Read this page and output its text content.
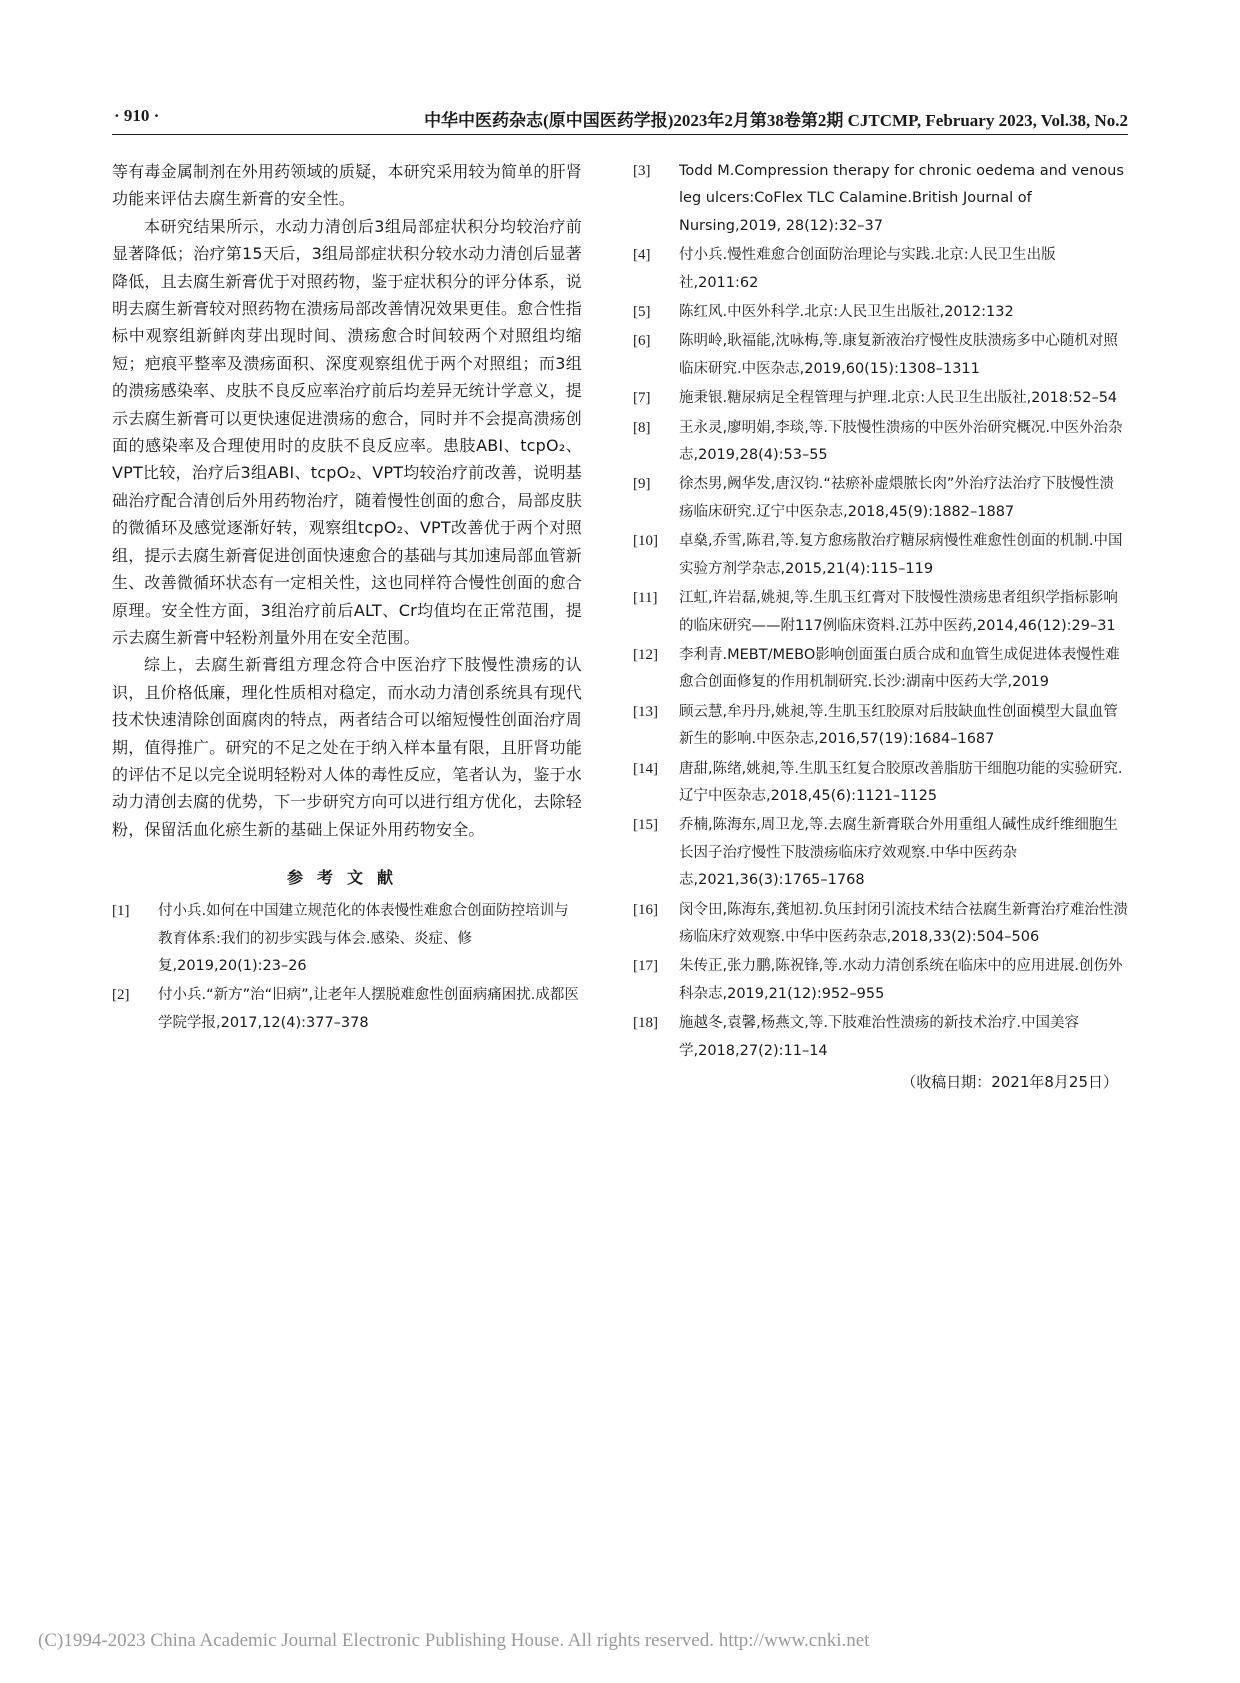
· 910 ·	中华中医药杂志(原中国医药学报)2023年2月第38卷第2期 CJTCMP, February 2023, Vol.38, No.2

等有毒金属制剂在外用药领域的质疑，本研究采用较为简单的肝肾功能来评估去腐生新膏的安全性。

本研究结果所示，水动力清创后3组局部症状积分均较治疗前显著降低；治疗第15天后，3组局部症状积分较水动力清创后显著降低，且去腐生新膏优于对照药物，鉴于症状积分的评分体系，说明去腐生新膏较对照药物在溃疡局部改善情况效果更佳。愈合性指标中观察组新鲜肉芽出现时间、溃疡愈合时间较两个对照组均缩短；疤痕平整率及溃疡面积、深度观察组优于两个对照组；而3组的溃疡感染率、皮肤不良反应率治疗前后均差异无统计学意义，提示去腐生新膏可以更快速促进溃疡的愈合，同时并不会提高溃疡创面的感染率及合理使用时的皮肤不良反应率。患肢ABI、tcpO₂、VPT比较，治疗后3组ABI、tcpO₂、VPT均较治疗前改善，说明基础治疗配合清创后外用药物治疗，随着慢性创面的愈合，局部皮肤的微循环及感觉逐渐好转，观察组tcpO₂、VPT改善优于两个对照组，提示去腐生新膏促进创面快速愈合的基础与其加速局部血管新生、改善微循环状态有一定相关性，这也同样符合慢性创面的愈合原理。安全性方面，3组治疗前后ALT、Cr均值均在正常范围，提示去腐生新膏中轻粉剂量外用在安全范围。

综上，去腐生新膏组方理念符合中医治疗下肢慢性溃疡的认识，且价格低廉，理化性质相对稳定，而水动力清创系统具有现代技术快速清除创面腐肉的特点，两者结合可以缩短慢性创面治疗周期，值得推广。研究的不足之处在于纳入样本量有限，且肝肾功能的评估不足以完全说明轻粉对人体的毒性反应，笔者认为，鉴于水动力清创去腐的优势，下一步研究方向可以进行组方优化，去除轻粉，保留活血化瘀生新的基础上保证外用药物安全。

参考文献
[1] 付小兵.如何在中国建立规范化的体表慢性难愈合创面防控培训与教育体系:我们的初步实践与体会.感染、炎症、修复,2019,20(1):23–26
[2] 付小兵.“新方”治“旧病”,让老年人摆脱难愈性创面病痛困扰.成都医学院学报,2017,12(4):377–378
[3] Todd M.Compression therapy for chronic oedema and venous leg ulcers:CoFlex TLC Calamine.British Journal of Nursing,2019, 28(12):32–37
[4] 付小兵.慢性难愈合创面防治理论与实践.北京:人民卫生出版社,2011:62
[5] 陈红风.中医外科学.北京:人民卫生出版社,2012:132
[6] 陈明岭,耿福能,沈咏梅,等.康复新液治疗慢性皮肤溃疡多中心随机对照临床研究.中医杂志,2019,60(15):1308–1311
[7] 施秉银.糖尿病足全程管理与护理.北京:人民卫生出版社,2018:52–54
[8] 王永灵,廖明娟,李琰,等.下肢慢性溃疡的中医外治研究概况.中医外治杂志,2019,28(4):53–55
[9] 徐杰男,阙华发,唐汉钧.“祛瘀补虚煨脓长肉”外治疗法治疗下肢慢性溃疡临床研究.辽宁中医杂志,2018,45(9):1882–1887
[10] 卓燊,乔雪,陈君,等.复方愈疡散治疗糖尿病慢性难愈性创面的机制.中国实验方剂学杂志,2015,21(4):115–119
[11] 江虹,许岩磊,姚昶,等.生肌玉红膏对下肢慢性溃疡患者组织学指标影响的临床研究——附117例临床资料.江苏中医药,2014,46(12):29–31
[12] 李利青.MEBT/MEBO影响创面蛋白质合成和血管生成促进体表慢性难愈合创面修复的作用机制研究.长沙:湖南中医药大学,2019
[13] 顾云慧,牟丹丹,姚昶,等.生肌玉红胶原对后肢缺血性创面模型大鼠血管新生的影响.中医杂志,2016,57(19):1684–1687
[14] 唐甜,陈绪,姚昶,等.生肌玉红复合胶原改善脂肪干细胞功能的实验研究.辽宁中医杂志,2018,45(6):1121–1125
[15] 乔楠,陈海东,周卫龙,等.去腐生新膏联合外用重组人碱性成纤维细胞生长因子治疗慢性下肢溃疡临床疗效观察.中华中医药杂志,2021,36(3):1765–1768
[16] 闵令田,陈海东,龚旭初.负压封闭引流技术结合祛腐生新膏治疗难治性溃疡临床疗效观察.中华中医药杂志,2018,33(2):504–506
[17] 朱传正,张力鹏,陈祝锋,等.水动力清创系统在临床中的应用进展.创伤外科杂志,2019,21(12):952–955
[18] 施越冬,袁馨,杨燕文,等.下肢难治性溃疡的新技术治疗.中国美容学,2018,27(2):11–14
（收稿日期：2021年8月25日）
(C)1994-2023 China Academic Journal Electronic Publishing House. All rights reserved. http://www.cnki.net
